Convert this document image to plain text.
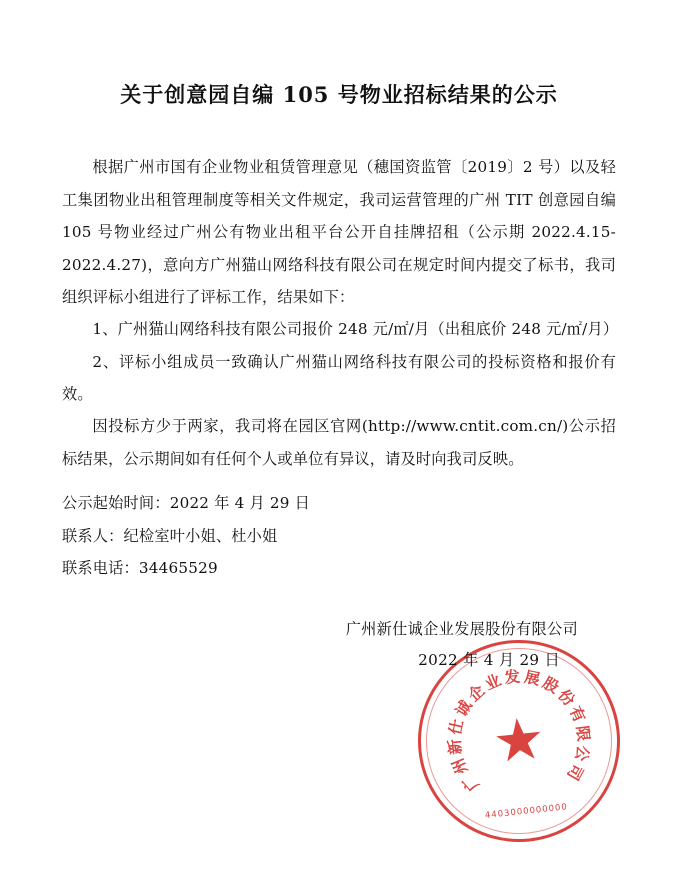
关于创意园自编 105 号物业招标结果的公示

根据广州市国有企业物业租赁管理意见（穗国资监管〔2019〕2 号）以及轻工集团物业出租管理制度等相关文件规定，我司运营管理的广州 TIT 创意园自编 105 号物业经过广州公有物业出租平台公开自挂牌招租（公示期 2022.4.15-2022.4.27)，意向方广州猫山网络科技有限公司在规定时间内提交了标书，我司组织评标小组进行了评标工作，结果如下：

1、广州猫山网络科技有限公司报价 248 元/㎡/月（出租底价 248 元/㎡/月）

2、评标小组成员一致确认广州猫山网络科技有限公司的投标资格和报价有效。

因投标方少于两家，我司将在园区官网(http://www.cntit.com.cn/)公示招标结果，公示期间如有任何个人或单位有异议，请及时向我司反映。

公示起始时间：2022 年 4 月 29 日

联系人：纪检室叶小姐、杜小姐

联系电话：34465529

广
州
新
仕
诚
企
业 发 展
股
份
有
限
公
司
★
4403000000000

广州新仕诚企业发展股份有限公司

2022 年 4 月 29 日
